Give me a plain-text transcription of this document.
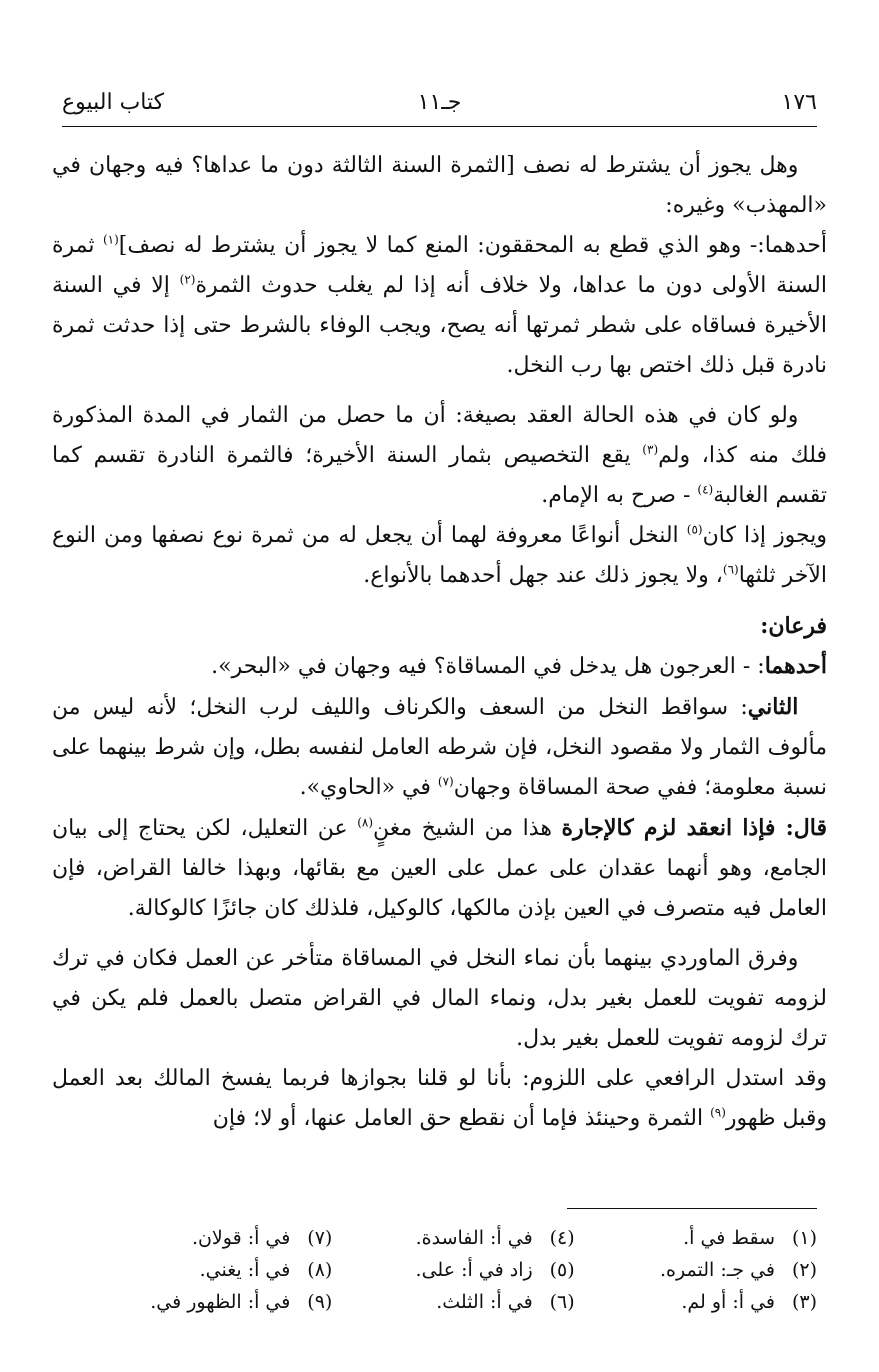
١٧٦
جـ١١
كتاب البيوع

وهل يجوز أن يشترط له نصف [الثمرة السنة الثالثة دون ما عداها؟ فيه وجهان في «المهذب» وغيره:

أحدهما:- وهو الذي قطع به المحققون: المنع كما لا يجوز أن يشترط له نصف]$^{(١)}$ ثمرة السنة الأولى دون ما عداها، ولا خلاف أنه إذا لم يغلب حدوث الثمرة$^{(٢)}$ إلا في السنة الأخيرة فساقاه على شطر ثمرتها أنه يصح، ويجب الوفاء بالشرط حتى إذا حدثت ثمرة نادرة قبل ذلك اختص بها رب النخل.

ولو كان في هذه الحالة العقد بصيغة: أن ما حصل من الثمار في المدة المذكورة فلك منه كذا، ولم$^{(٣)}$ يقع التخصيص بثمار السنة الأخيرة؛ فالثمرة النادرة تقسم كما تقسم الغالبة$^{(٤)}$ - صرح به الإمام.

ويجوز إذا كان$^{(٥)}$ النخل أنواعًا معروفة لهما أن يجعل له من ثمرة نوع نصفها ومن النوع الآخر ثلثها$^{(٦)}$، ولا يجوز ذلك عند جهل أحدهما بالأنواع.

فرعان:

أحدهما: - العرجون هل يدخل في المساقاة؟ فيه وجهان في «البحر».

الثاني: سواقط النخل من السعف والكرناف والليف لرب النخل؛ لأنه ليس من مألوف الثمار ولا مقصود النخل، فإن شرطه العامل لنفسه بطل، وإن شرط بينهما على نسبة معلومة؛ ففي صحة المساقاة وجهان$^{(٧)}$ في «الحاوي».

قال: فإذا انعقد لزم كالإجارة هذا من الشيخ مغنٍ$^{(٨)}$ عن التعليل، لكن يحتاج إلى بيان الجامع، وهو أنهما عقدان على عمل على العين مع بقائها، وبهذا خالفا القراض، فإن العامل فيه متصرف في العين بإذن مالكها، كالوكيل، فلذلك كان جائزًا كالوكالة.

وفرق الماوردي بينهما بأن نماء النخل في المساقاة متأخر عن العمل فكان في ترك لزومه تفويت للعمل بغير بدل، ونماء المال في القراض متصل بالعمل فلم يكن في ترك لزومه تفويت للعمل بغير بدل.

وقد استدل الرافعي على اللزوم: بأنا لو قلنا بجوازها فربما يفسخ المالك بعد العمل وقبل ظهور$^{(٩)}$ الثمرة وحينئذ فإما أن نقطع حق العامل عنها، أو لا؛ فإن

(١)سقط في أ.
(٢)في جـ: التمره.
(٣)في أ: أو لم.
(٤)في أ: الفاسدة.
(٥)زاد في أ: على.
(٦)في أ: الثلث.
(٧)في أ: قولان.
(٨)في أ: يغني.
(٩)في أ: الظهور في.
